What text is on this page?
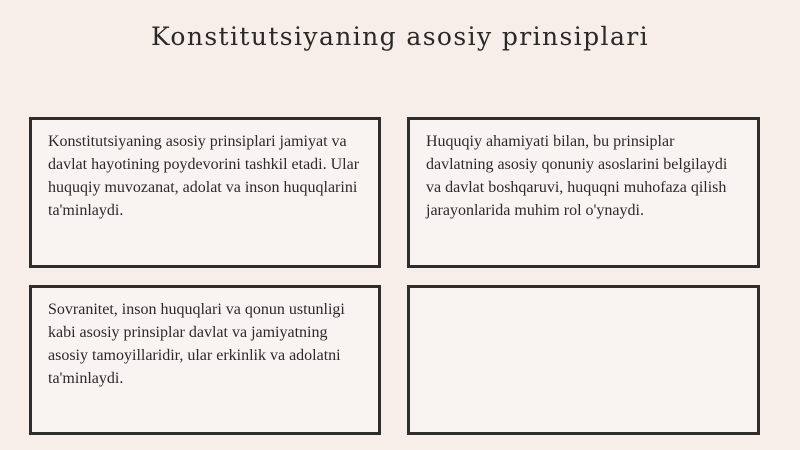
Konstitutsiyaning asosiy prinsiplari

Konstitutsiyaning asosiy prinsiplari jamiyat va davlat hayotining poydevorini tashkil etadi. Ular huquqiy muvozanat, adolat va inson huquqlarini ta'minlaydi.

Huquqiy ahamiyati bilan, bu prinsiplar davlatning asosiy qonuniy asoslarini belgilaydi va davlat boshqaruvi, huquqni muhofaza qilish jarayonlarida muhim rol o'ynaydi.

Sovranitet, inson huquqlari va qonun ustunligi kabi asosiy prinsiplar davlat va jamiyatning asosiy tamoyillaridir, ular erkinlik va adolatni ta'minlaydi.
